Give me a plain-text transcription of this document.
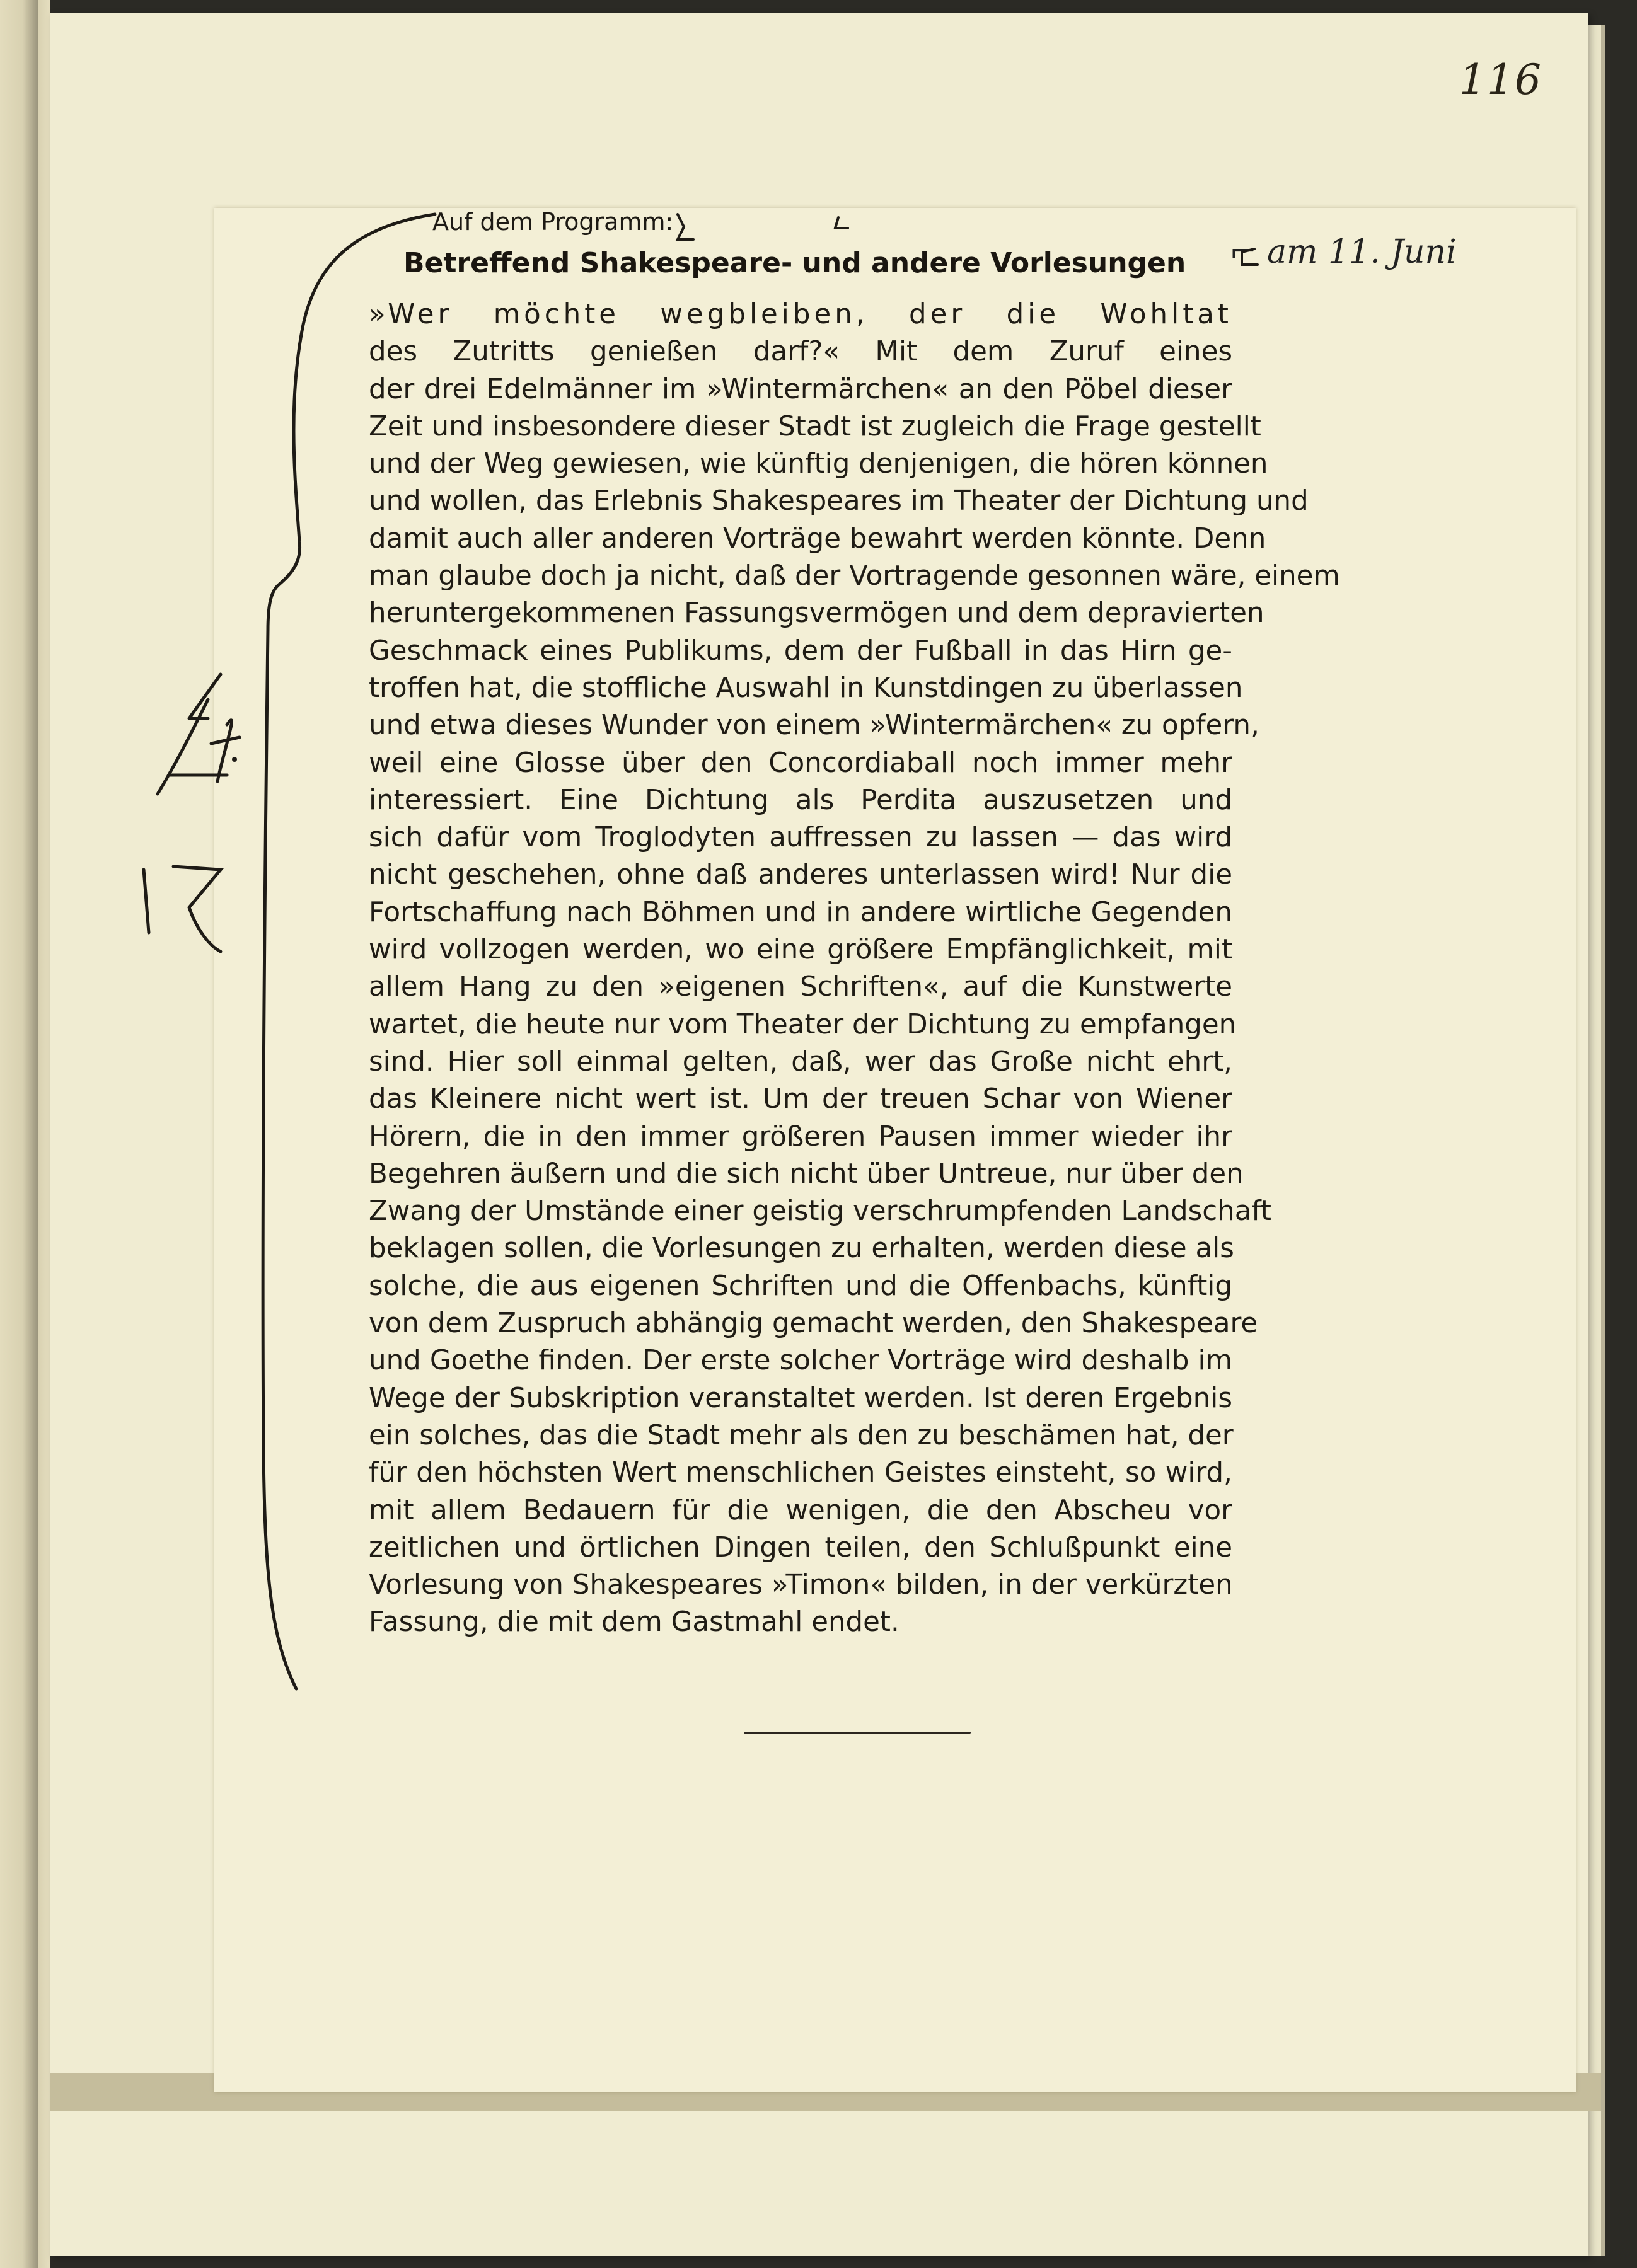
116
⌐ am 11. Juni
Auf dem Programm:
Betreffend Shakespeare- und andere Vorlesungen
»Wer möchte wegbleiben, der die Wohltat
des Zutritts genießen darf?« Mit dem Zuruf eines
der drei Edelmänner im »Wintermärchen« an den Pöbel dieser
Zeit und insbesondere dieser Stadt ist zugleich die Frage gestellt
und der Weg gewiesen, wie künftig denjenigen, die hören können
und wollen, das Erlebnis Shakespeares im Theater der Dichtung und
damit auch aller anderen Vorträge bewahrt werden könnte. Denn
man glaube doch ja nicht, daß der Vortragende gesonnen wäre, einem
heruntergekommenen Fassungsvermögen und dem depravierten
Geschmack eines Publikums, dem der Fußball in das Hirn ge-
troffen hat, die stoffliche Auswahl in Kunstdingen zu überlassen
und etwa dieses Wunder von einem »Wintermärchen« zu opfern,
weil eine Glosse über den Concordiaball noch immer mehr
interessiert. Eine Dichtung als Perdita auszusetzen und
sich dafür vom Troglodyten auffressen zu lassen — das wird
nicht geschehen, ohne daß anderes unterlassen wird! Nur die
Fortschaffung nach Böhmen und in andere wirtliche Gegenden
wird vollzogen werden, wo eine größere Empfänglichkeit, mit
allem Hang zu den »eigenen Schriften«, auf die Kunstwerte
wartet, die heute nur vom Theater der Dichtung zu empfangen
sind. Hier soll einmal gelten, daß, wer das Große nicht ehrt,
das Kleinere nicht wert ist. Um der treuen Schar von Wiener
Hörern, die in den immer größeren Pausen immer wieder ihr
Begehren äußern und die sich nicht über Untreue, nur über den
Zwang der Umstände einer geistig verschrumpfenden Landschaft
beklagen sollen, die Vorlesungen zu erhalten, werden diese als
solche, die aus eigenen Schriften und die Offenbachs, künftig
von dem Zuspruch abhängig gemacht werden, den Shakespeare
und Goethe finden. Der erste solcher Vorträge wird deshalb im
Wege der Subskription veranstaltet werden. Ist deren Ergebnis
ein solches, das die Stadt mehr als den zu beschämen hat, der
für den höchsten Wert menschlichen Geistes einsteht, so wird,
mit allem Bedauern für die wenigen, die den Abscheu vor
zeitlichen und örtlichen Dingen teilen, den Schlußpunkt eine
Vorlesung von Shakespeares »Timon« bilden, in der verkürzten
Fassung, die mit dem Gastmahl endet.
